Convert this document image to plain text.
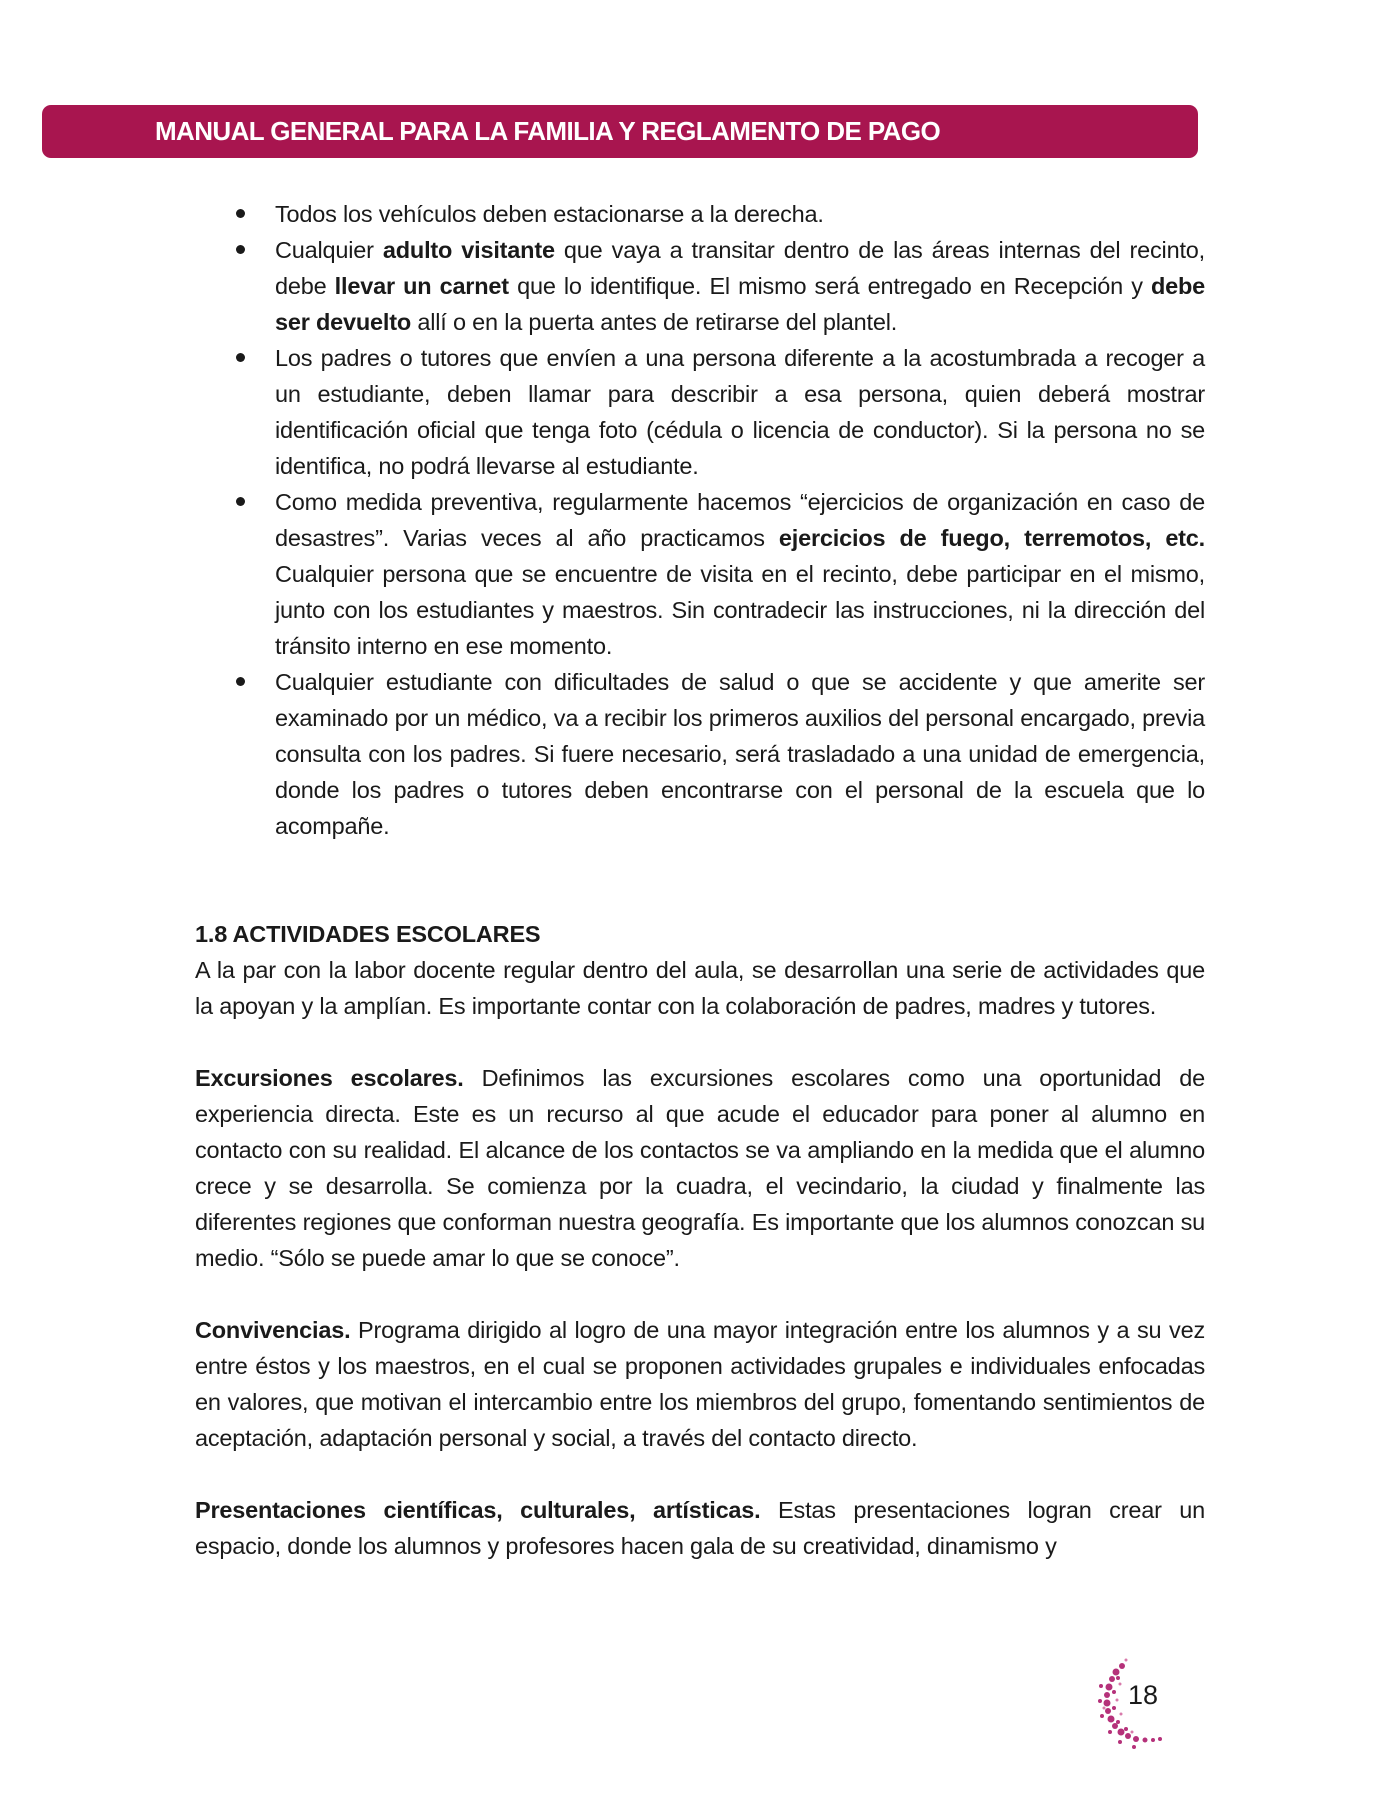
MANUAL GENERAL PARA LA FAMILIA Y REGLAMENTO DE PAGO
Todos los vehículos deben estacionarse a la derecha.
Cualquier adulto visitante que vaya a transitar dentro de las áreas internas del recinto, debe llevar un carnet que lo identifique. El mismo será entregado en Recepción y debe ser devuelto allí o en la puerta antes de retirarse del plantel.
Los padres o tutores que envíen a una persona diferente a la acostumbrada a recoger a un estudiante, deben llamar para describir a esa persona, quien deberá mostrar identificación oficial que tenga foto (cédula o licencia de conductor). Si la persona no se identifica, no podrá llevarse al estudiante.
Como medida preventiva, regularmente hacemos “ejercicios de organización en caso de desastres”. Varias veces al año practicamos ejercicios de fuego, terremotos, etc. Cualquier persona que se encuentre de visita en el recinto, debe participar en el mismo, junto con los estudiantes y maestros. Sin contradecir las instrucciones, ni la dirección del tránsito interno en ese momento.
Cualquier estudiante con dificultades de salud o que se accidente y que amerite ser examinado por un médico, va a recibir los primeros auxilios del personal encargado, previa consulta con los padres. Si fuere necesario, será trasladado a una unidad de emergencia, donde los padres o tutores deben encontrarse con el personal de la escuela que lo acompañe.
1.8 ACTIVIDADES ESCOLARES

A la par con la labor docente regular dentro del aula, se desarrollan una serie de actividades que la apoyan y la amplían. Es importante contar con la colaboración de padres, madres y tutores.

Excursiones escolares. Definimos las excursiones escolares como una oportunidad de experiencia directa. Este es un recurso al que acude el educador para poner al alumno en contacto con su realidad. El alcance de los contactos se va ampliando en la medida que el alumno crece y se desarrolla. Se comienza por la cuadra, el vecindario, la ciudad y finalmente las diferentes regiones que conforman nuestra geografía. Es importante que los alumnos conozcan su medio. “Sólo se puede amar lo que se conoce”.

Convivencias. Programa dirigido al logro de una mayor integración entre los alumnos y a su vez entre éstos y los maestros, en el cual se proponen actividades grupales e individuales enfocadas en valores, que motivan el intercambio entre los miembros del grupo, fomentando sentimientos de aceptación, adaptación personal y social, a través del contacto directo.

Presentaciones científicas, culturales, artísticas. Estas presentaciones logran crear un espacio, donde los alumnos y profesores hacen gala de su creatividad, dinamismo y

18
